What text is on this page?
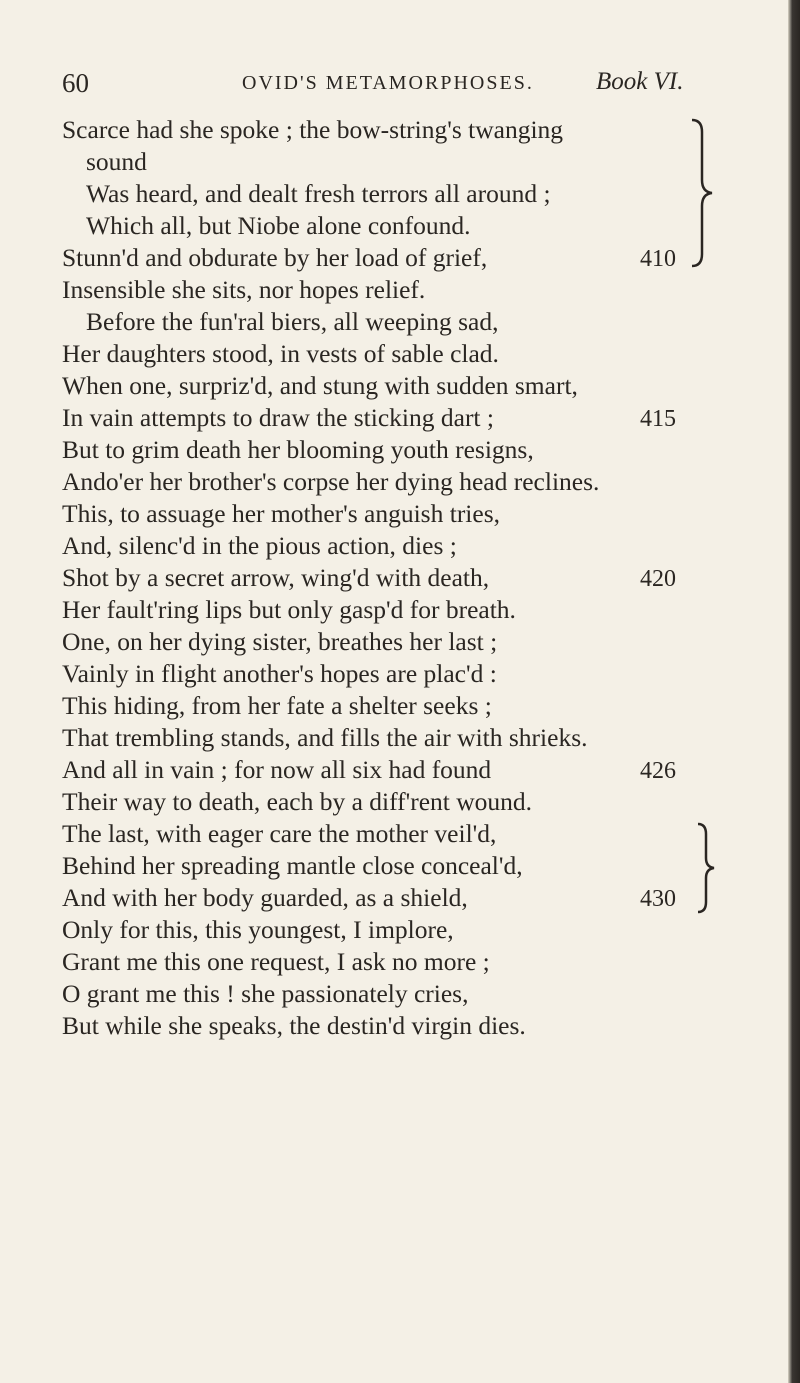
60	OVID'S METAMORPHOSES. Book VI.
Scarce had she spoke ; the bow-string's twanging
sound
Was heard, and dealt fresh terrors all around ;
Which all, but Niobe alone confound.
Stunn'd and obdurate by her load of grief,
Insensible she sits, nor hopes relief.
Before the fun'ral biers, all weeping sad,
Her daughters stood, in vests of sable clad.
When one, surpriz'd, and stung with sudden smart,
In vain attempts to draw the sticking dart ;
But to grim death her blooming youth resigns,
Ando'er her brother's corpse her dying head reclines.
This, to assuage her mother's anguish tries,
And, silenc'd in the pious action, dies ;
Shot by a secret arrow, wing'd with death,
Her fault'ring lips but only gasp'd for breath.
One, on her dying sister, breathes her last ;
Vainly in flight another's hopes are plac'd :
This hiding, from her fate a shelter seeks ;
That trembling stands, and fills the air with shrieks.
And all in vain ; for now all six had found
Their way to death, each by a diff'rent wound.
The last, with eager care the mother veil'd,
Behind her spreading mantle close conceal'd,
And with her body guarded, as a shield,
Only for this, this youngest, I implore,
Grant me this one request, I ask no more ;
O grant me this ! she passionately cries,
But while she speaks, the destin'd virgin dies.
410
415
420
426
430
